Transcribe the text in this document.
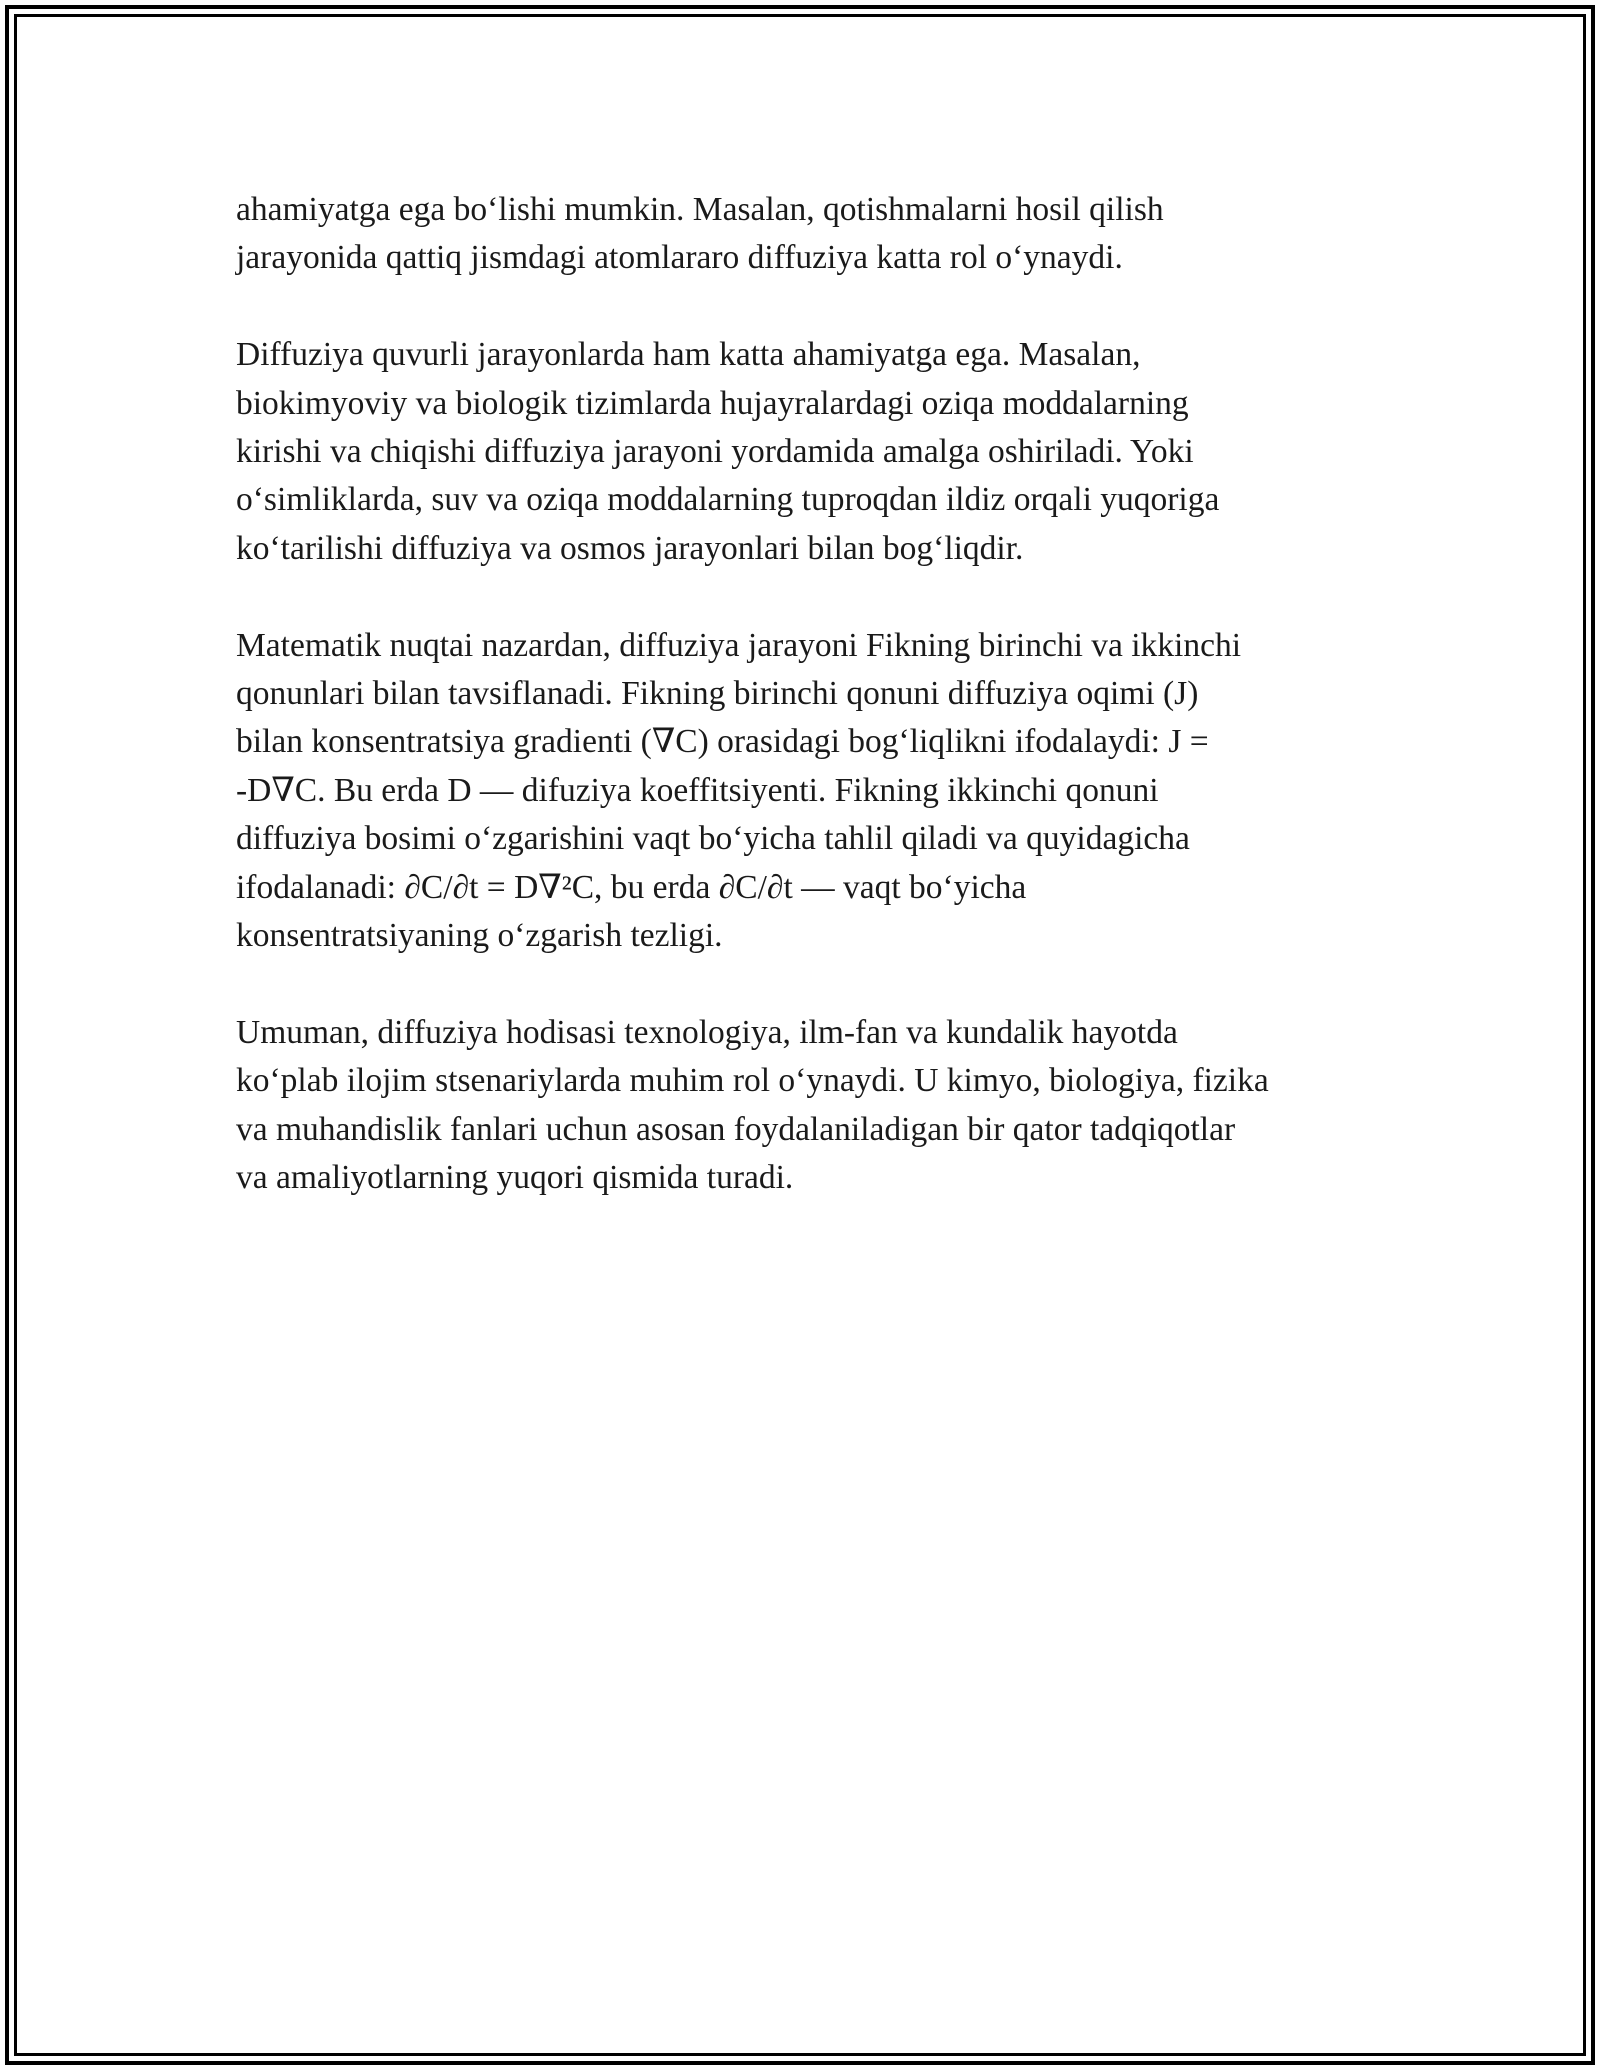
ahamiyatga ega bo‘lishi mumkin. Masalan, qotishmalarni hosil qilish
jarayonida qattiq jismdagi atomlararo diffuziya katta rol o‘ynaydi.

Diffuziya quvurli jarayonlarda ham katta ahamiyatga ega. Masalan,
biokimyoviy va biologik tizimlarda hujayralardagi oziqa moddalarning
kirishi va chiqishi diffuziya jarayoni yordamida amalga oshiriladi. Yoki
o‘simliklarda, suv va oziqa moddalarning tuproqdan ildiz orqali yuqoriga
ko‘tarilishi diffuziya va osmos jarayonlari bilan bog‘liqdir.

Matematik nuqtai nazardan, diffuziya jarayoni Fikning birinchi va ikkinchi
qonunlari bilan tavsiflanadi. Fikning birinchi qonuni diffuziya oqimi (J)
bilan konsentratsiya gradienti (∇C) orasidagi bog‘liqlikni ifodalaydi: J =
-D∇C. Bu erda D — difuziya koeffitsiyenti. Fikning ikkinchi qonuni
diffuziya bosimi o‘zgarishini vaqt bo‘yicha tahlil qiladi va quyidagicha
ifodalanadi: ∂C/∂t = D∇²C, bu erda ∂C/∂t — vaqt bo‘yicha
konsentratsiyaning o‘zgarish tezligi.

Umuman, diffuziya hodisasi texnologiya, ilm-fan va kundalik hayotda
ko‘plab ilojim stsenariylarda muhim rol o‘ynaydi. U kimyo, biologiya, fizika
va muhandislik fanlari uchun asosan foydalaniladigan bir qator tadqiqotlar
va amaliyotlarning yuqori qismida turadi.
